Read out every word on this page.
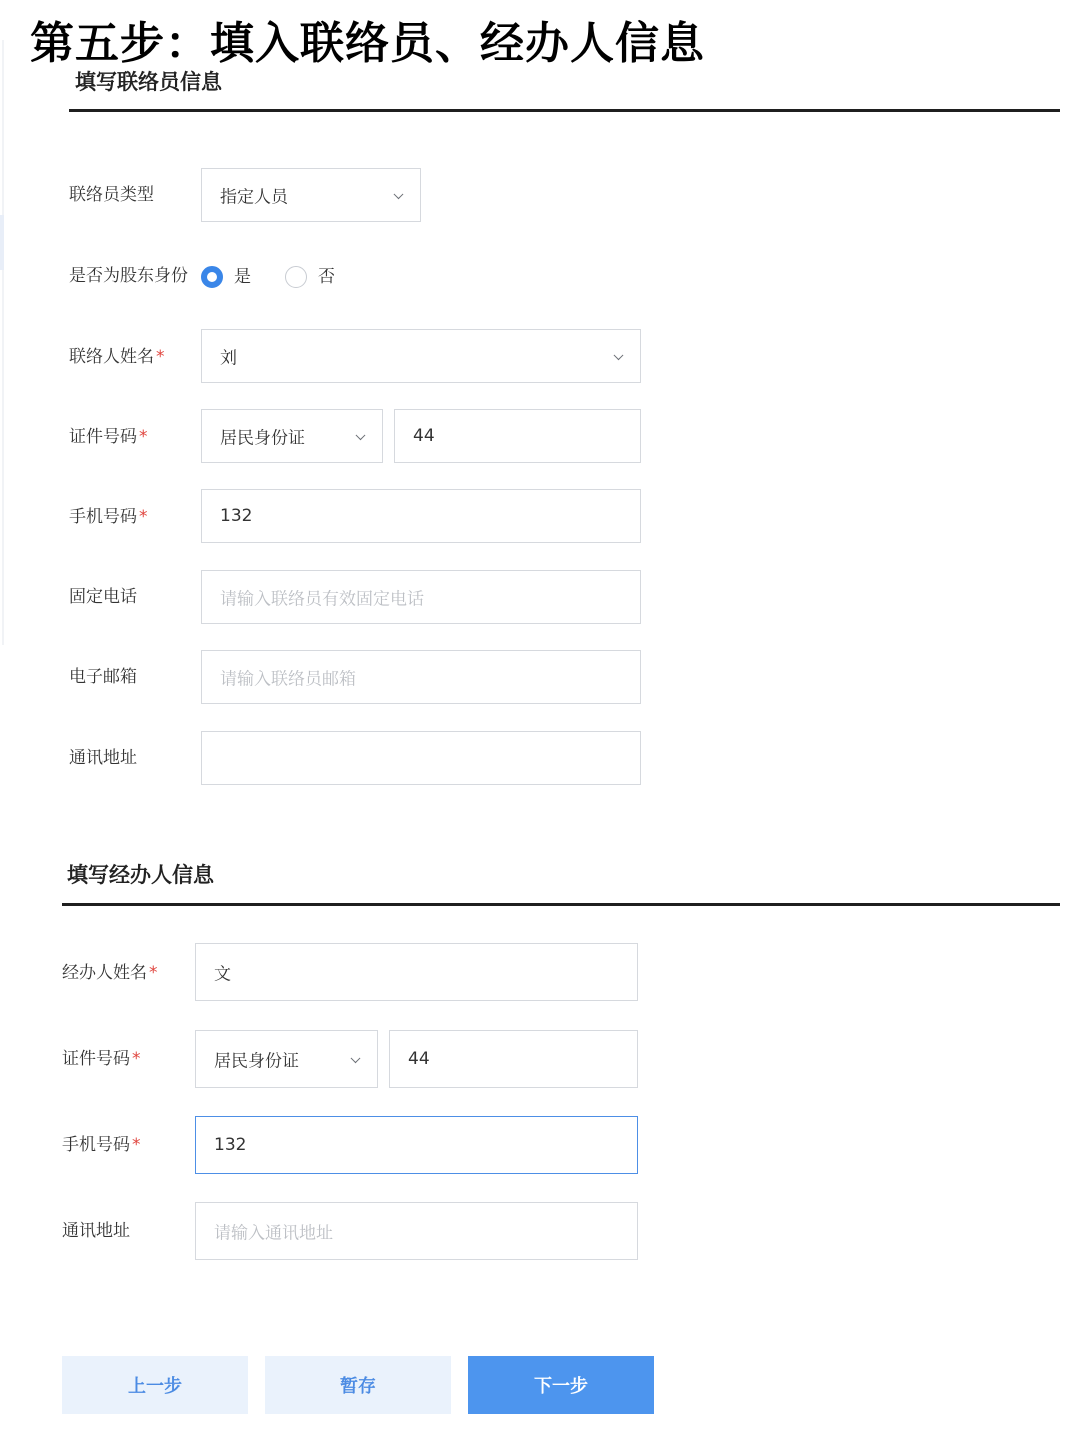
第五步：填入联络员、经办人信息
填写联络员信息
联络员类型	指定人员
是否为股东身份	是	否
联络人姓名 *	刘
证件号码 *	居民身份证	44
手机号码 *	132
固定电话	请输入联络员有效固定电话
电子邮箱	请输入联络员邮箱
通讯地址
填写经办人信息
经办人姓名 *	文
证件号码 *	居民身份证	44
手机号码 *	132
通讯地址	请输入通讯地址
上一步	暂存	下一步
